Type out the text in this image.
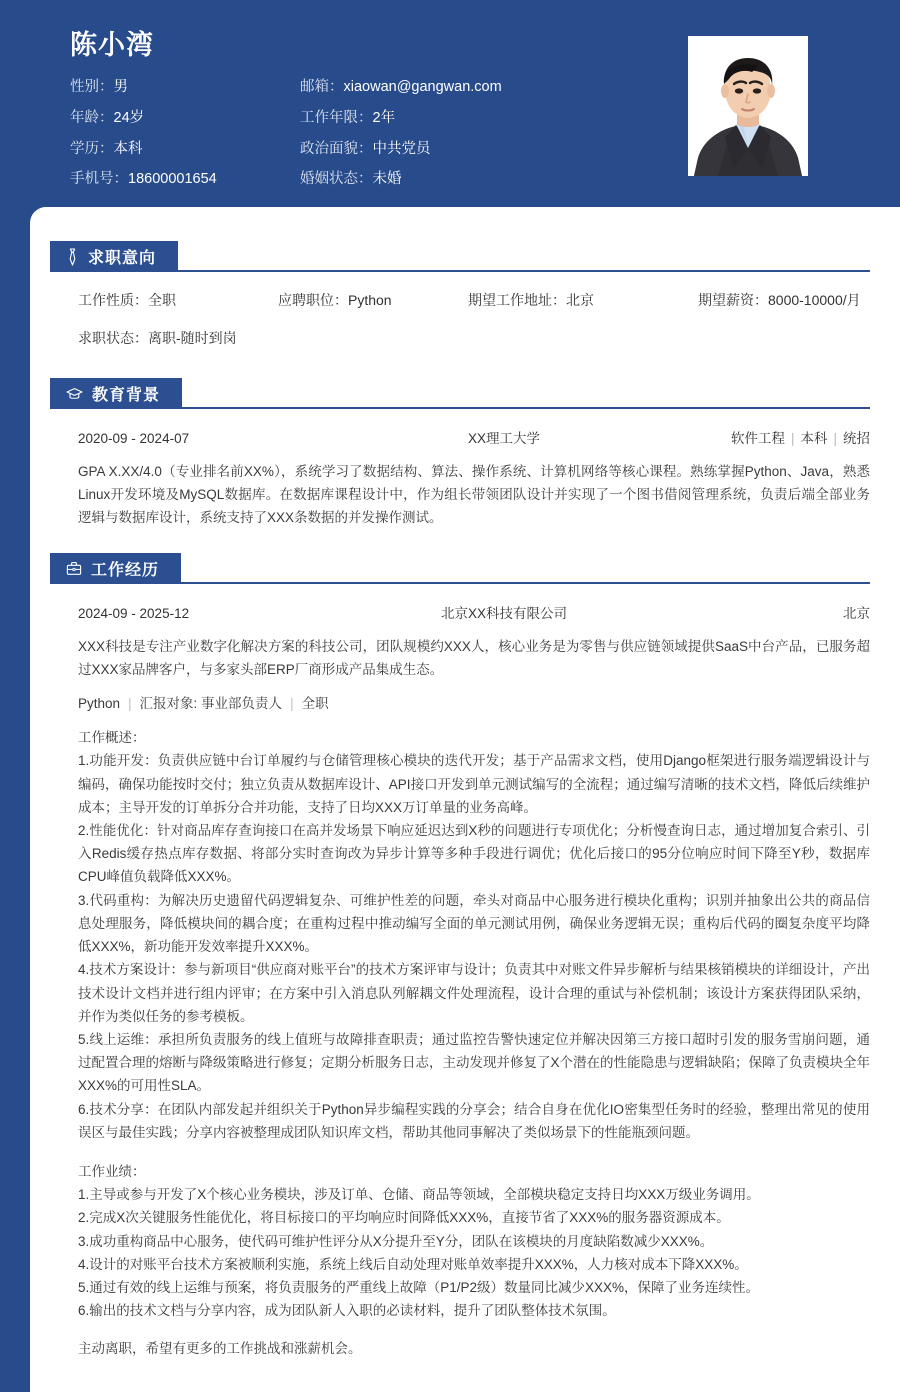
陈小湾
性别：男	邮箱：xiaowan@gangwan.com
年龄：24岁	工作年限：2年
学历：本科	政治面貌：中共党员
手机号：18600001654	婚姻状态：未婚
求职意向
工作性质：全职	应聘职位：Python	期望工作地址：北京	期望薪资：8000-10000/月
求职状态：离职-随时到岗
教育背景
2020-09 - 2024-07	XX理工大学	软件工程 | 本科 | 统招
GPA X.XX/4.0（专业排名前XX%），系统学习了数据结构、算法、操作系统、计算机网络等核心课程。熟练掌握Python、Java，熟悉Linux开发环境及MySQL数据库。在数据库课程设计中，作为组长带领团队设计并实现了一个图书借阅管理系统，负责后端全部业务逻辑与数据库设计，系统支持了XXX条数据的并发操作测试。
工作经历
2024-09 - 2025-12	北京XX科技有限公司	北京
XXX科技是专注产业数字化解决方案的科技公司，团队规模约XXX人，核心业务是为零售与供应链领域提供SaaS中台产品，已服务超过XXX家品牌客户，与多家头部ERP厂商形成产品集成生态。
Python | 汇报对象: 事业部负责人 | 全职
工作概述：
1.功能开发：负责供应链中台订单履约与仓储管理核心模块的迭代开发；基于产品需求文档，使用Django框架进行服务端逻辑设计与编码，确保功能按时交付；独立负责从数据库设计、API接口开发到单元测试编写的全流程；通过编写清晰的技术文档，降低后续维护成本；主导开发的订单拆分合并功能，支持了日均XXX万订单量的业务高峰。
2.性能优化：针对商品库存查询接口在高并发场景下响应延迟达到X秒的问题进行专项优化；分析慢查询日志，通过增加复合索引、引入Redis缓存热点库存数据、将部分实时查询改为异步计算等多种手段进行调优；优化后接口的95分位响应时间下降至Y秒，数据库CPU峰值负载降低XXX%。
3.代码重构：为解决历史遗留代码逻辑复杂、可维护性差的问题，牵头对商品中心服务进行模块化重构；识别并抽象出公共的商品信息处理服务，降低模块间的耦合度；在重构过程中推动编写全面的单元测试用例，确保业务逻辑无误；重构后代码的圈复杂度平均降低XXX%，新功能开发效率提升XXX%。
4.技术方案设计：参与新项目“供应商对账平台”的技术方案评审与设计；负责其中对账文件异步解析与结果核销模块的详细设计，产出技术设计文档并进行组内评审；在方案中引入消息队列解耦文件处理流程，设计合理的重试与补偿机制；该设计方案获得团队采纳，并作为类似任务的参考模板。
5.线上运维：承担所负责服务的线上值班与故障排查职责；通过监控告警快速定位并解决因第三方接口超时引发的服务雪崩问题，通过配置合理的熔断与降级策略进行修复；定期分析服务日志，主动发现并修复了X个潜在的性能隐患与逻辑缺陷；保障了负责模块全年XXX%的可用性SLA。
6.技术分享：在团队内部发起并组织关于Python异步编程实践的分享会；结合自身在优化IO密集型任务时的经验，整理出常见的使用误区与最佳实践；分享内容被整理成团队知识库文档，帮助其他同事解决了类似场景下的性能瓶颈问题。
工作业绩：
1.主导或参与开发了X个核心业务模块，涉及订单、仓储、商品等领域，全部模块稳定支持日均XXX万级业务调用。
2.完成X次关键服务性能优化，将目标接口的平均响应时间降低XXX%，直接节省了XXX%的服务器资源成本。
3.成功重构商品中心服务，使代码可维护性评分从X分提升至Y分，团队在该模块的月度缺陷数减少XXX%。
4.设计的对账平台技术方案被顺利实施，系统上线后自动处理对账单效率提升XXX%，人力核对成本下降XXX%。
5.通过有效的线上运维与预案，将负责服务的严重线上故障（P1/P2级）数量同比减少XXX%，保障了业务连续性。
6.输出的技术文档与分享内容，成为团队新人入职的必读材料，提升了团队整体技术氛围。
主动离职，希望有更多的工作挑战和涨薪机会。
